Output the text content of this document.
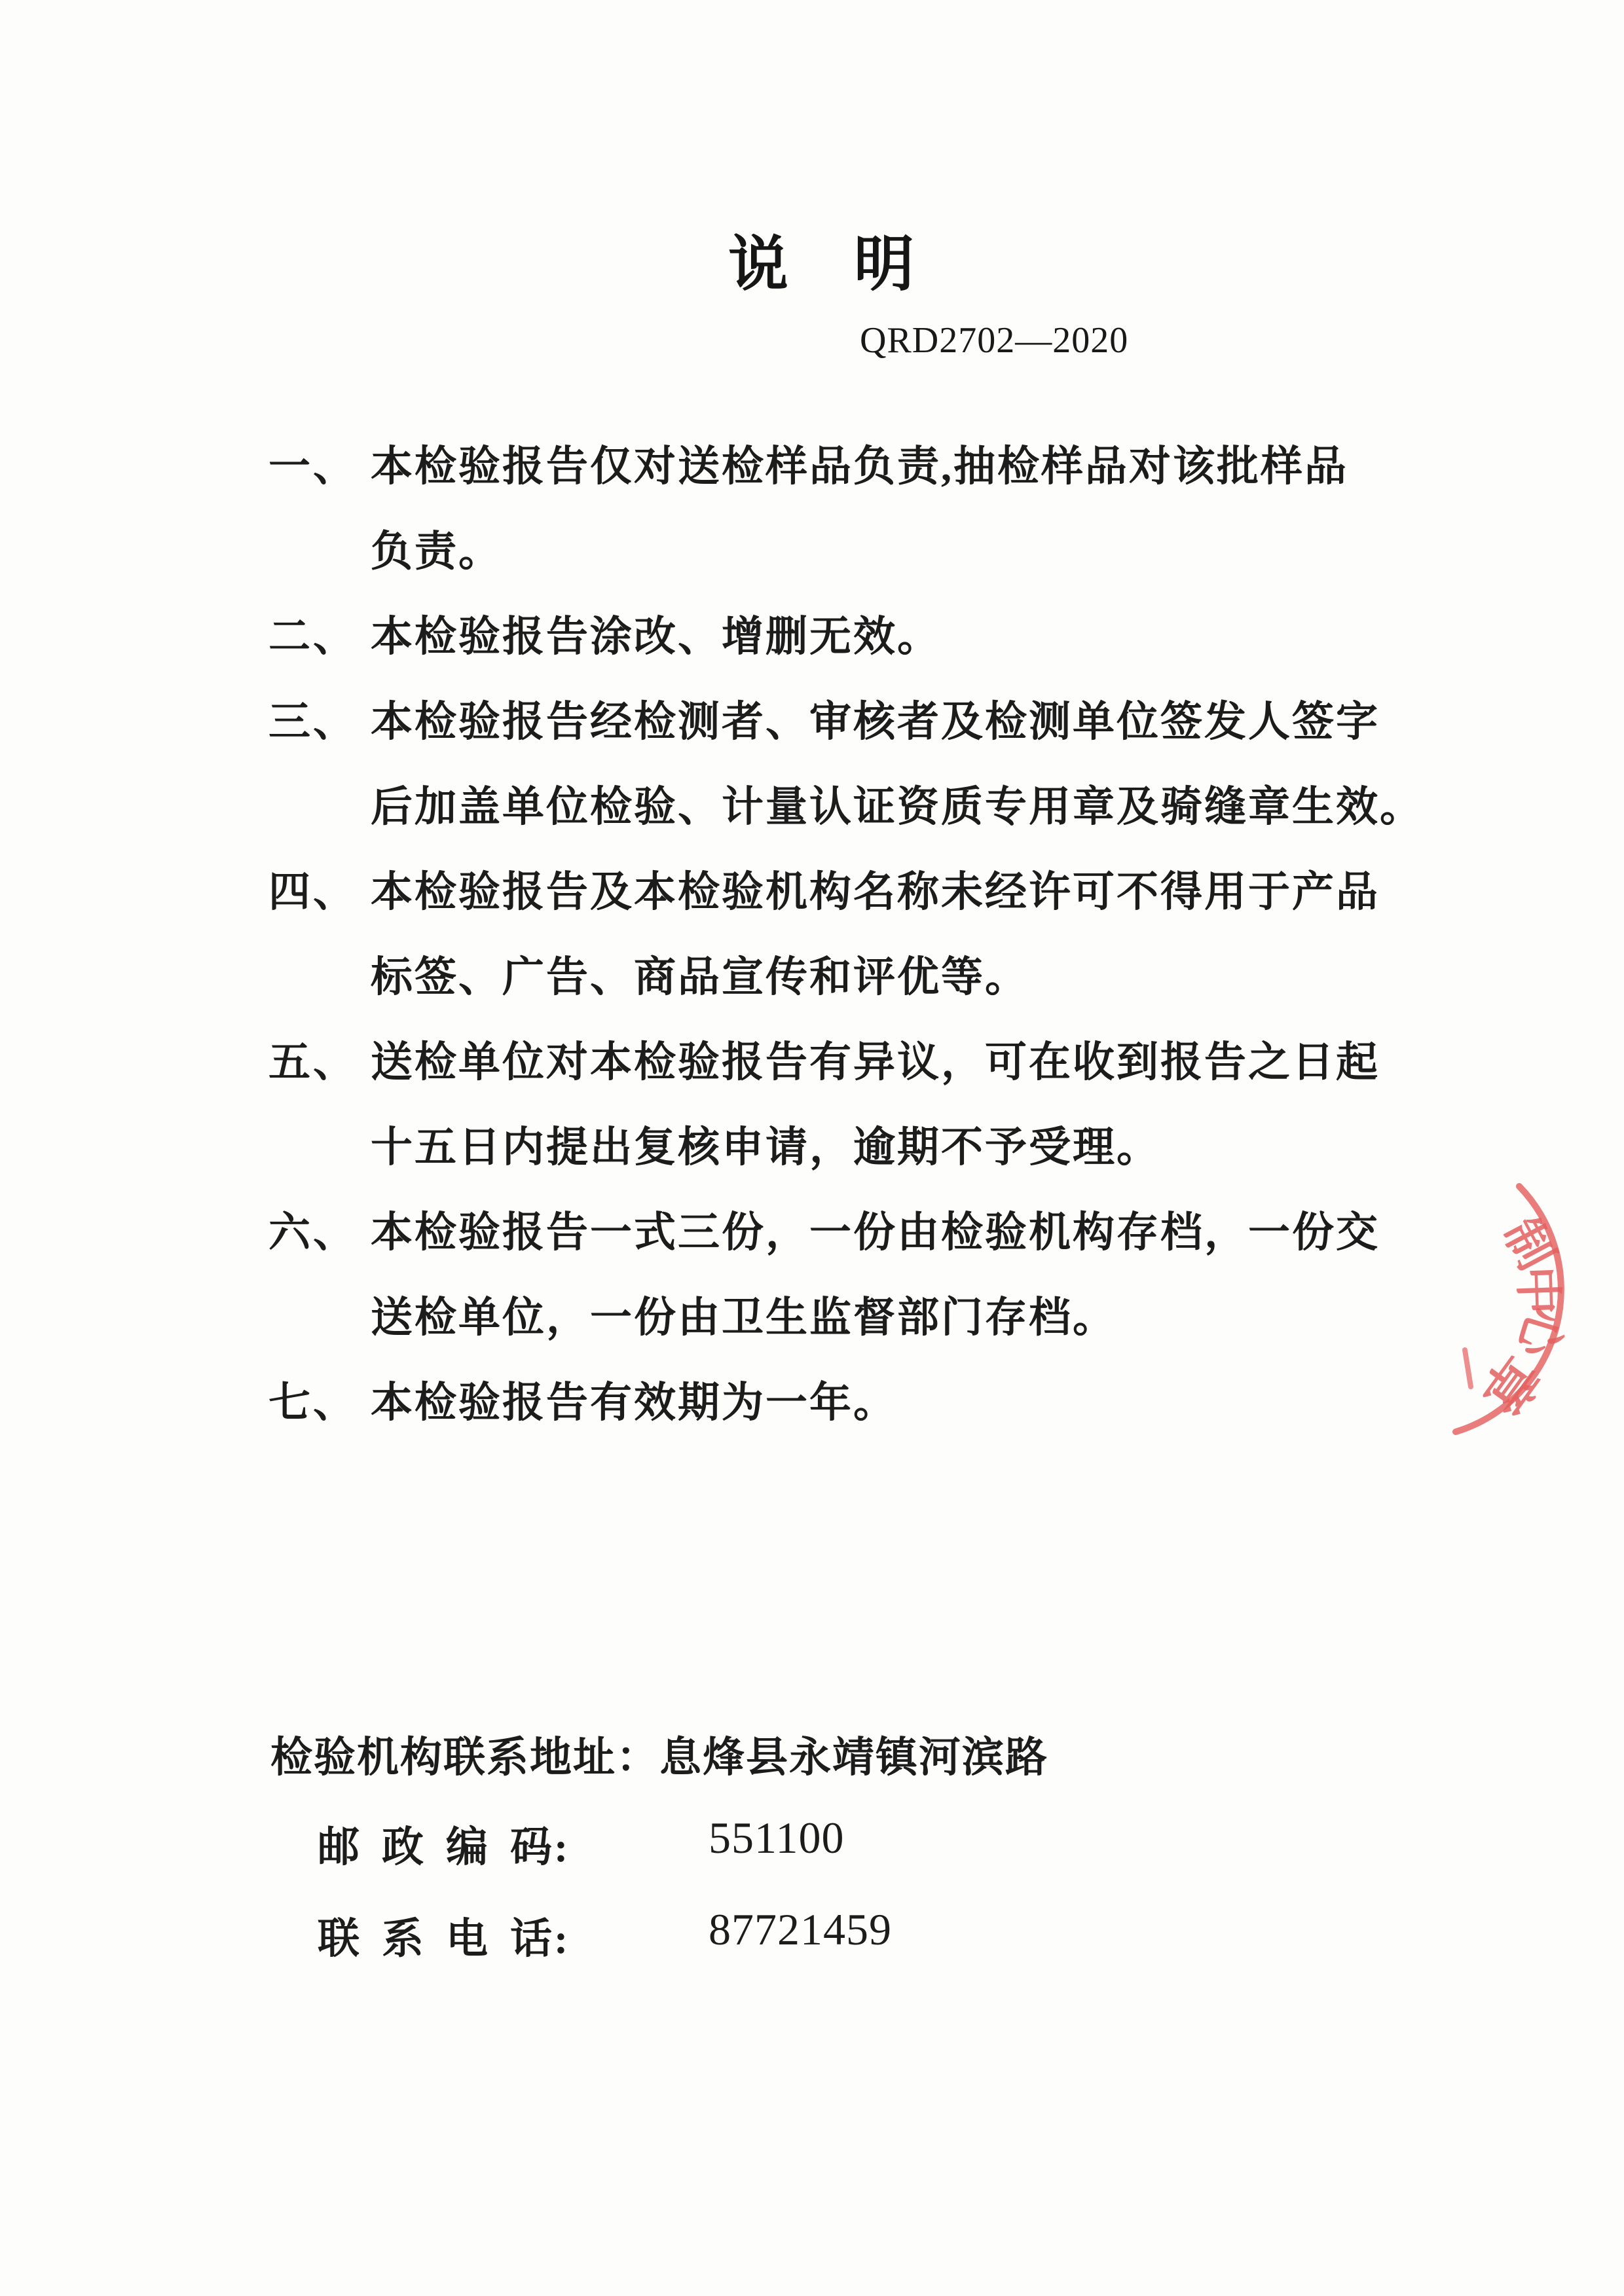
说　明
QRD2702—2020
一、 本检验报告仅对送检样品负责,抽检样品对该批样品
负责。
二、 本检验报告涂改、增删无效。
三、 本检验报告经检测者、审核者及检测单位签发人签字
后加盖单位检验、计量认证资质专用章及骑缝章生效。
四、 本检验报告及本检验机构名称未经许可不得用于产品
标签、广告、商品宣传和评优等。
五、 送检单位对本检验报告有异议，可在收到报告之日起
十五日内提出复核申请，逾期不予受理。
六、 本检验报告一式三份，一份由检验机构存档，一份交
送检单位，一份由卫生监督部门存档。
七、 本检验报告有效期为一年。
检验机构联系地址：息烽县永靖镇河滨路
邮 政 编 码:	551100
联 系 电 话:	87721459
制
中
心
章
